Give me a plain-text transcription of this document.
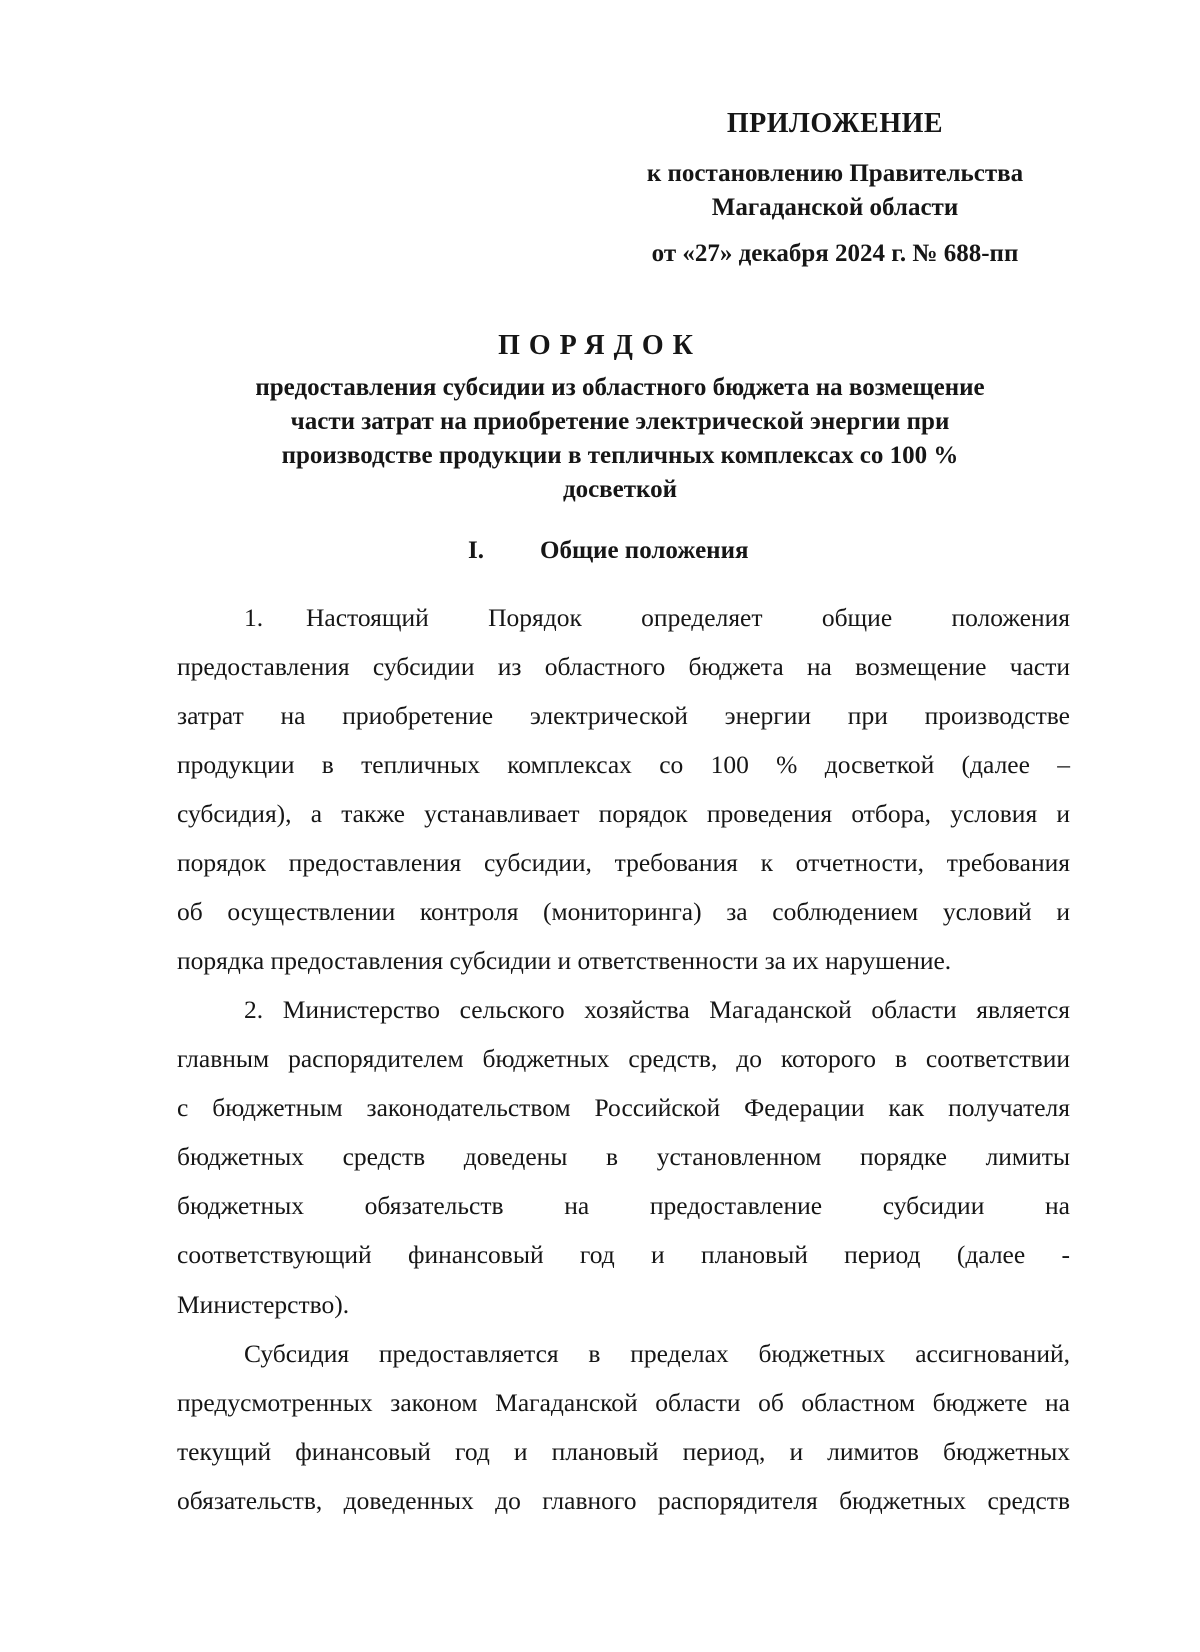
ПРИЛОЖЕНИЕ
к постановлению Правительства
Магаданской области
от «27» декабря 2024 г. № 688-пп
ПОРЯДОК
предоставления субсидии из областного бюджета на возмещение
части затрат на приобретение электрической энергии при
производстве продукции в тепличных комплексах со 100 %
досветкой
I. Общие положения
1. Настоящий Порядок определяет общие положения
предоставления субсидии из областного бюджета на возмещение части
затрат на приобретение электрической энергии при производстве
продукции в тепличных комплексах со 100 % досветкой (далее –
субсидия), а также устанавливает порядок проведения отбора, условия и
порядок предоставления субсидии, требования к отчетности, требования
об осуществлении контроля (мониторинга) за соблюдением условий и
порядка предоставления субсидии и ответственности за их нарушение.
2. Министерство сельского хозяйства Магаданской области является
главным распорядителем бюджетных средств, до которого в соответствии
с бюджетным законодательством Российской Федерации как получателя
бюджетных средств доведены в установленном порядке лимиты
бюджетных обязательств на предоставление субсидии на
соответствующий финансовый год и плановый период (далее -
Министерство).
Субсидия предоставляется в пределах бюджетных ассигнований,
предусмотренных законом Магаданской области об областном бюджете на
текущий финансовый год и плановый период, и лимитов бюджетных
обязательств, доведенных до главного распорядителя бюджетных средств
